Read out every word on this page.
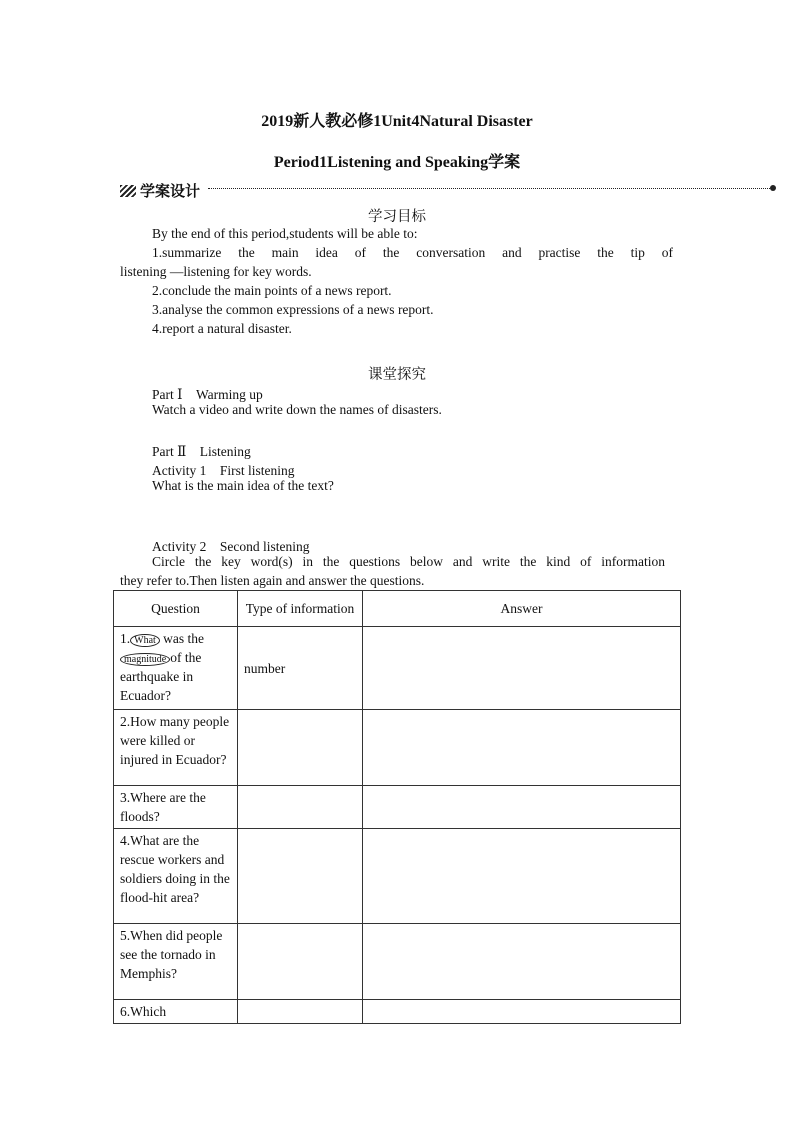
2019新人教必修1Unit4Natural Disaster
Period1Listening and Speaking学案
学案设计
学习目标
By the end of this period,students will be able to:
1.summarize the main idea of the conversation and practise the tip of
listening —listening for key words.
2.conclude the main points of a news report.
3.analyse the common expressions of a news report.
4.report a natural disaster.
课堂探究
Part Ⅰ　Warming up
Watch a video and write down the names of disasters.
Part Ⅱ　Listening
Activity 1　First listening
What is the main idea of the text?
Activity 2　Second listening
Circle the key word(s) in the questions below and write the kind of information
they refer to.Then listen again and answer the questions.
Question	Type of information	Answer
1. What was the
magnitude of the earthquake in Ecuador?	number	
2.How many people were killed or injured in Ecuador?		
3.Where are the floods?		
4.What are the rescue workers and soldiers doing in the flood-hit area?		
5.When did people see the tornado in Memphis?		
6.Which		
